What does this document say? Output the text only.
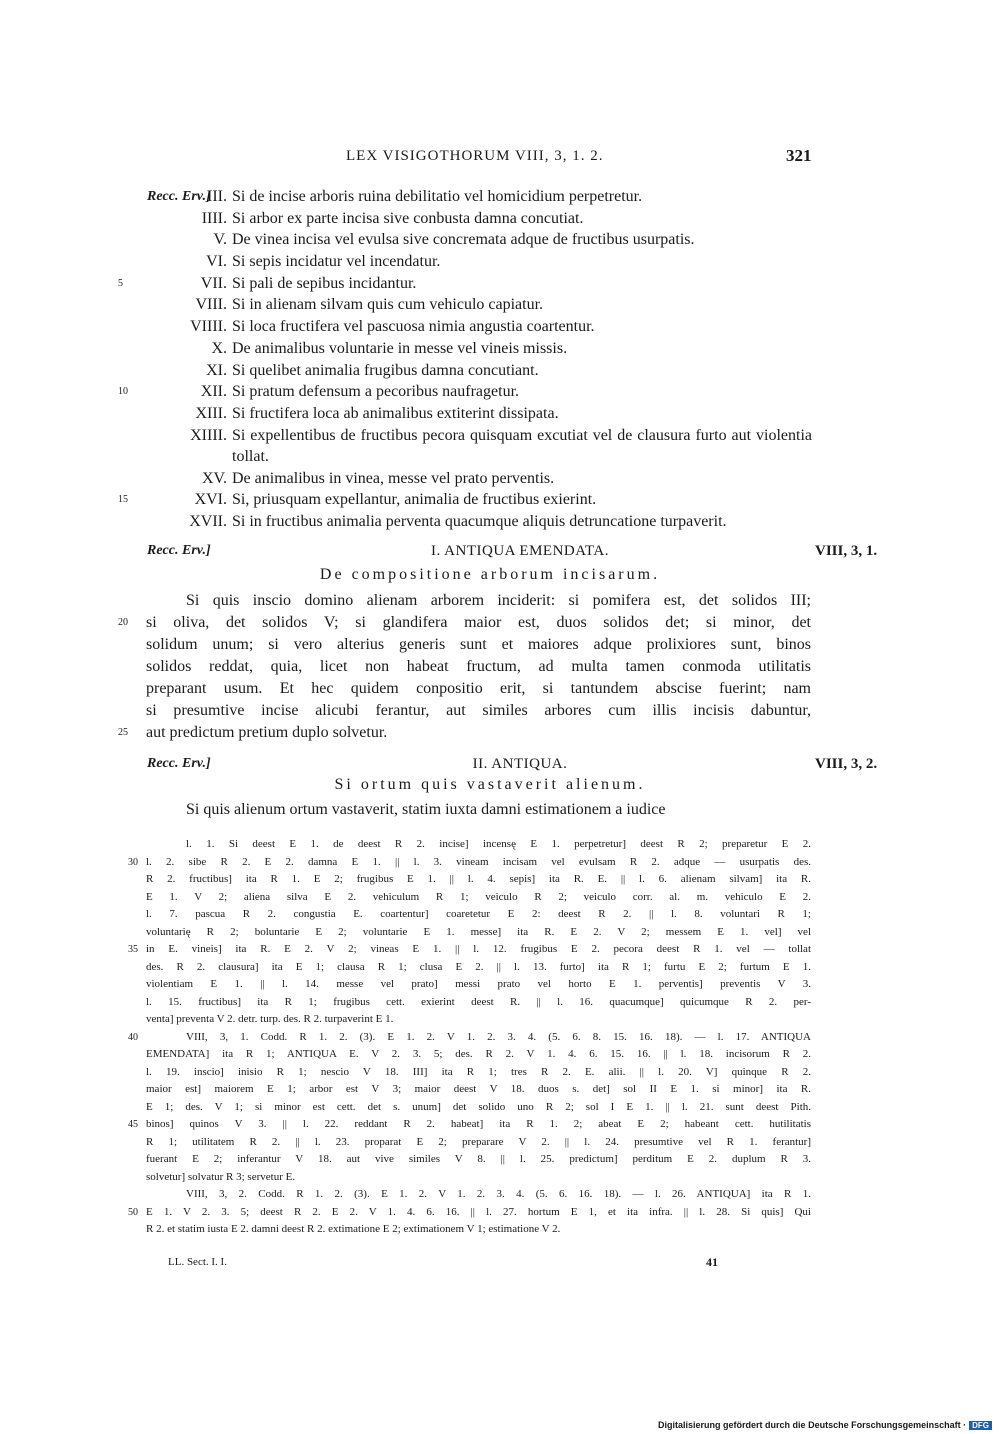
LEX VISIGOTHORUM VIII, 3, 1. 2.	321
Recc. Erv.]
III. Si de incise arboris ruina debilitatio vel homicidium perpetretur.
IIII. Si arbor ex parte incisa sive conbusta damna concutiat.
V. De vinea incisa vel evulsa sive concremata adque de fructibus usurpatis.
VI. Si sepis incidatur vel incendatur.
5	VII. Si pali de sepibus incidantur.
VIII. Si in alienam silvam quis cum vehiculo capiatur.
VIIII. Si loca fructifera vel pascuosa nimia angustia coartentur.
X. De animalibus voluntarie in messe vel vineis missis.
XI. Si quelibet animalia frugibus damna concutiant.
10	XII. Si pratum defensum a pecoribus naufragetur.
XIII. Si fructifera loca ab animalibus extiterint dissipata.
XIIII. Si expellentibus de fructibus pecora quisquam excutiat vel de clausura furto aut violentia tollat.
XV. De animalibus in vinea, messe vel prato perventis.
15	XVI. Si, priusquam expellantur, animalia de fructibus exierint.
XVII. Si in fructibus animalia perventa quacumque aliquis detruncatione turpaverit.
Recc. Erv.]	I. ANTIQUA EMENDATA.	VIII, 3, 1.
De compositione arborum incisarum.
Si quis inscio domino alienam arborem inciderit: si pomifera est, det solidos III;
20 si oliva, det solidos V; si glandifera maior est, duos solidos det; si minor, det
solidum unum; si vero alterius generis sunt et maiores adque prolixiores sunt, binos
solidos reddat, quia, licet non habeat fructum, ad multa tamen conmoda utilitatis
preparant usum. Et hec quidem conpositio erit, si tantundem abscise fuerint; nam
si presumtive incise alicubi ferantur, aut similes arbores cum illis incisis dabuntur,
25 aut predictum pretium duplo solvetur.
Recc. Erv.]	II. ANTIQUA.	VIII, 3, 2.
Si ortum quis vastaverit alienum.
Si quis alienum ortum vastaverit, statim iuxta damni estimationem a iudice

l. 1. Si deest E 1. de deest R 2. incise] incensę E 1. perpetretur] deest R 2; preparetur E 2.

30 l. 2. sibe R 2. E 2. damna E 1. || l. 3. vineam incisam vel evulsam R 2. adque — usurpatis des.

R 2. fructibus] ita R 1. E 2; frugibus E 1. || l. 4. sepis] ita R. E. || l. 6. alienam silvam] ita R.

E 1. V 2; aliena silva E 2. vehiculum R 1; veiculo R 2; veiculo corr. al. m. vehiculo E 2.

l. 7. pascua R 2. congustia E. coartentur] coaretetur E 2: deest R 2. || l. 8. voluntari R 1;

voluntarię R 2; boluntarie E 2; voluntarie E 1. messe] ita R. E 2. V 2; messem E 1. vel] vel

35 in E. vineis] ita R. E 2. V 2; vineas E 1. || l. 12. frugibus E 2. pecora deest R 1. vel — tollat

des. R 2. clausura] ita E 1; clausa R 1; clusa E 2. || l. 13. furto] ita R 1; furtu E 2; furtum E 1.

violentiam E 1. || l. 14. messe vel prato] messi prato vel horto E 1. perventis] preventis V 3.

l. 15. fructibus] ita R 1; frugibus cett. exierint deest R. || l. 16. quacumque] quicumque R 2. per-

venta] preventa V 2. detr. turp. des. R 2. turpaverint E 1.

40	VIII, 3, 1. Codd. R 1. 2. (3). E 1. 2. V 1. 2. 3. 4. (5. 6. 8. 15. 16. 18). — l. 17. ANTIQUA

EMENDATA] ita R 1; ANTIQUA E. V 2. 3. 5; des. R 2. V 1. 4. 6. 15. 16. || l. 18. incisorum R 2.

l. 19. inscio] inisio R 1; nescio V 18. III] ita R 1; tres R 2. E. alii. || l. 20. V] quinque R 2.

maior est] maiorem E 1; arbor est V 3; maior deest V 18. duos s. det] sol II E 1. si minor] ita R.

E 1; des. V 1; si minor est cett. det s. unum] det solido uno R 2; sol I E 1. || l. 21. sunt deest Pith.

45 binos] quinos V 3. || l. 22. reddant R 2. habeat] ita R 1. 2; abeat E 2; habeant cett. hutilitatis

R 1; utilitatem R 2. || l. 23. proparat E 2; preparare V 2. || l. 24. presumtive vel R 1. ferantur]

fuerant E 2; inferantur V 18. aut vive similes V 8. || l. 25. predictum] perditum E 2. duplum R 3.

solvetur] solvatur R 3; servetur E.

VIII, 3, 2. Codd. R 1. 2. (3). E 1. 2. V 1. 2. 3. 4. (5. 6. 16. 18). — l. 26. ANTIQUA] ita R 1.

50 E 1. V 2. 3. 5; deest R 2. E 2. V 1. 4. 6. 16. || l. 27. hortum E 1, et ita infra. || l. 28. Si quis] Qui

R 2. et statim iusta E 2. damni deest R 2. extimatione E 2; extimationem V 1; estimatione V 2.

LL. Sect. I. I.	41
Digitalisierung gefördert durch die Deutsche Forschungsgemeinschaft · DFG
